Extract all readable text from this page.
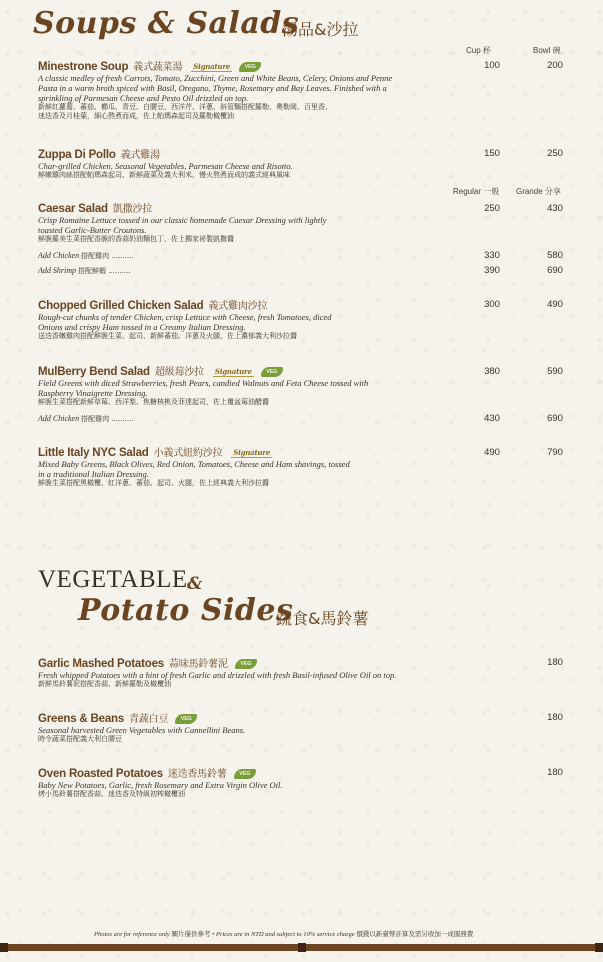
Soups & Salads
湯品&沙拉
Cup 杯	Bowl 碗
Minestrone Soup 義式蔬菜湯 Signature	VEG
A classic medley of fresh Carrots, Tomato, Zucchini, Green and White Beans, Celery, Onions and Penne Pasta in a warm broth spiced with Basil, Oregano, Thyme, Rosemary and Bay Leaves. Finished with a sprinkling of Parmesan Cheese and Pesto Oil drizzled on top.
新鮮紅蘿蔔、蕃茄、櫛瓜、青豆、白腰豆、西洋芹、洋蔥、斜管麵搭配羅勒、奧勒岡、百里香、
迷迭香及月桂葉，細心熬煮而成，佐上帕瑪森起司及羅勒橄欖油
100	200
Zuppa Di Pollo 義式雞湯
Char-grilled Chicken, Seasonal Vegetables, Parmesan Cheese and Risotto.
鮮嫩雞肉絲搭配帕瑪森起司、新鮮蔬菜及義大利米，慢火熬煮而成的義式經典風味
150	250
Regular 一般 Grande 分享
Caesar Salad 凱撒沙拉
Crisp Romaine Lettuce tossed in our classic homemade Caesar Dressing with lightly toasted Garlic-Butter Croutons.
鮮脆羅美生菜搭配香脆的香蒜奶油麵包丁，佐上獨家祕製凱撒醬
250	430
Add Chicken 搭配雞肉 ..........	330	580
Add Shrimp 搭配鮮蝦 ..........	390	690
Chopped Grilled Chicken Salad 義式雞肉沙拉
Rough-cut chunks of tender Chicken, crisp Lettuce with Cheese, fresh Tomatoes, diced Onions and crispy Ham tossed in a Creamy Italian Dressing.
送迭香嫩雞肉搭配鮮脆生菜、起司、新鮮蕃茄、洋蔥及火腿，佐上濃郁義大利沙拉醬
300	490
MulBerry Bend Salad 超級莓沙拉 Signature	VEG
Field Greens with diced Strawberries, fresh Pears, candied Walnuts and Feta Cheese tossed with Raspberry Vinaigrette Dressing.
鮮脆生菜搭配新鮮草莓、西洋梨、焦糖核桃及菲達起司，佐上覆盆莓油醋醬
380	590
Add Chicken 搭配雞肉 ..........	430	690
Little Italy NYC Salad 小義式紐約沙拉 Signature
Mixed Baby Greens, Black Olives, Red Onion, Tomatoes, Cheese and Ham shavings, tossed in a traditional Italian Dressing.
鮮脆生菜搭配黑橄欖、紅洋蔥、蕃茄、起司、火腿，佐上經典義大利沙拉醬
490	790
VEGETABLE &
Potato Sides
蔬食&馬鈴薯
Garlic Mashed Potatoes 蒜味馬鈴薯泥 VEG
Fresh whipped Potatoes with a hint of fresh Garlic and drizzled with fresh Basil-infused Olive Oil on top.
新鮮馬鈴薯泥搭配香蒜、新鮮羅勒及橄欖油
180
Greens & Beans 青蔬白豆 VEG
Seasonal harvested Green Vegetables with Cannellini Beans.
時令蔬菜搭配義大利白腰豆
180
Oven Roasted Potatoes 迷迭香馬鈴薯 VEG
Baby New Potatoes, Garlic, fresh Rosemary and Extra Virgin Olive Oil.
烤小馬鈴薯搭配香蒜、迷迭香及特級初榨橄欖油
180
Photos are for reference only 圖片僅供參考 • Prices are in NTD and subject to 10% service charge 價錢以新臺幣計算及需另收加一成服務費
